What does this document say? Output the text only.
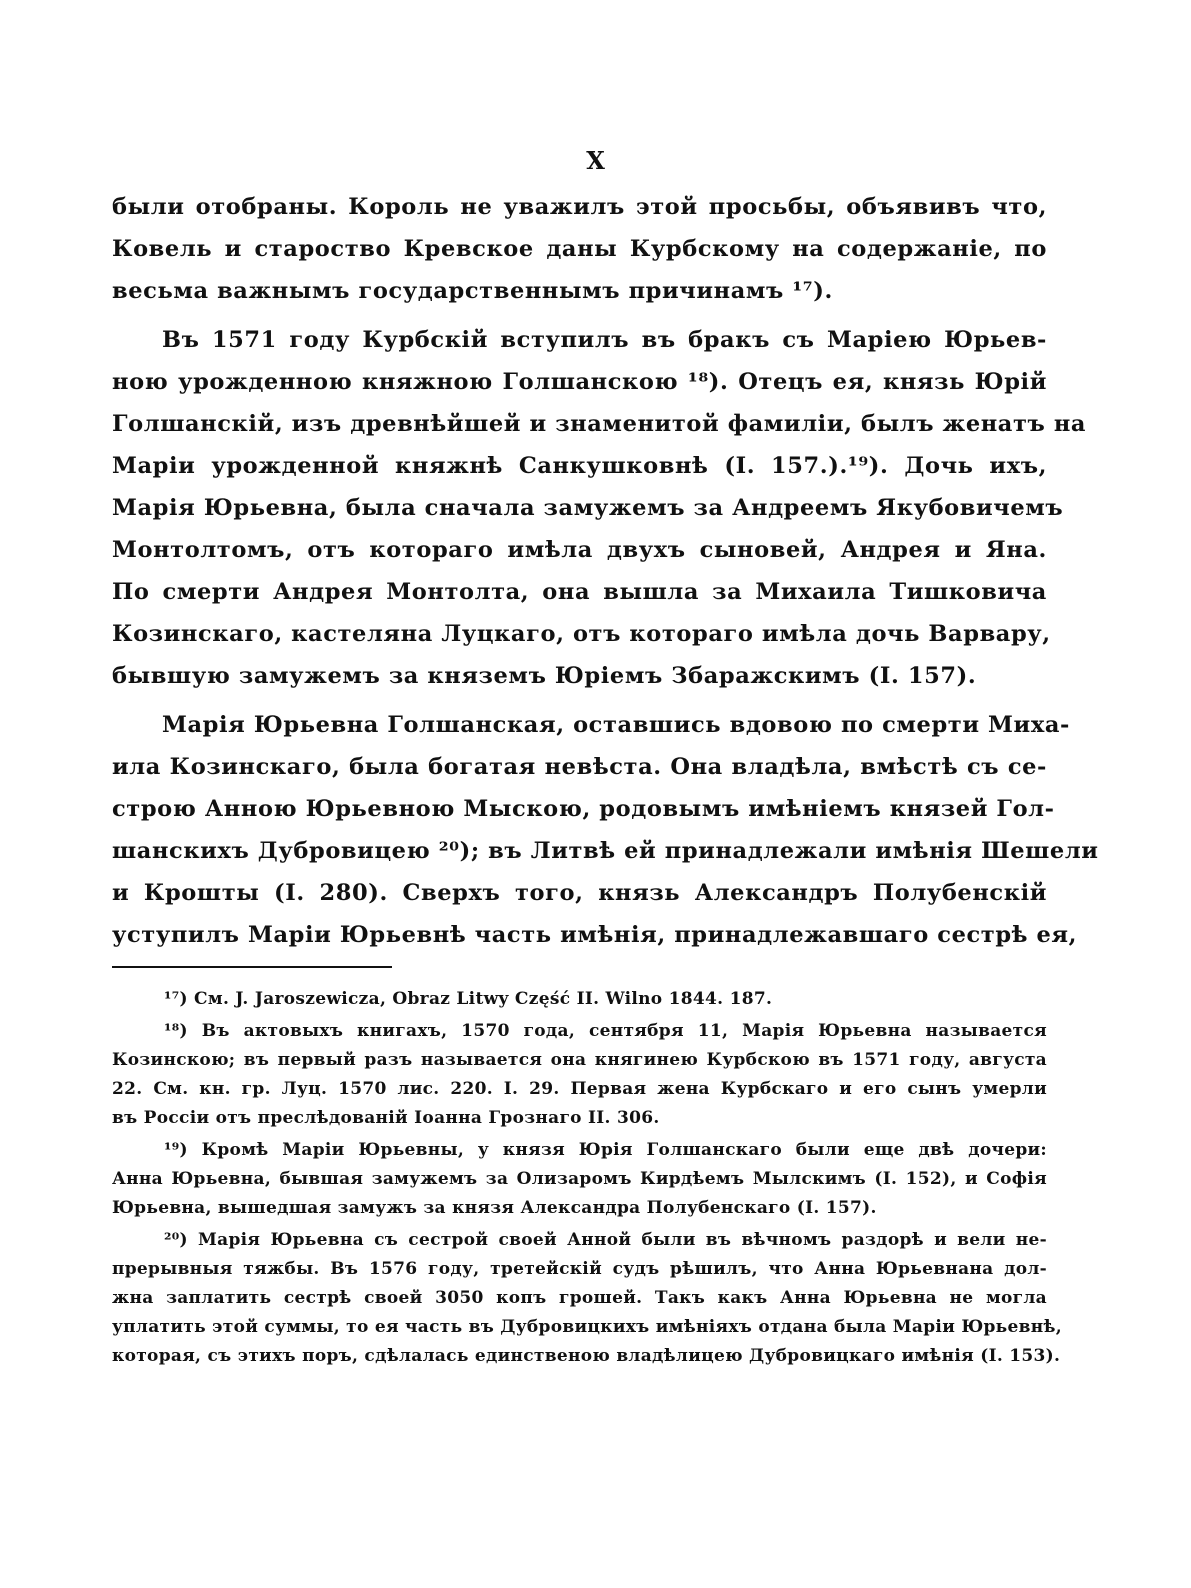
X
были отобраны. Король не уважилъ этой просьбы, объявивъ что,
Ковель и староство Кревское даны Курбскому на содержаніе, по
весьма важнымъ государственнымъ причинамъ ¹⁷).
Въ 1571 году Курбскій вступилъ въ бракъ съ Маріею Юрьев-
ною урожденною княжною Голшанскою ¹⁸). Отецъ ея, князь Юрій
Голшанскій, изъ древнѣйшей и знаменитой фамиліи, былъ женатъ на
Маріи урожденной княжнѣ Санкушковнѣ (I. 157.).¹⁹). Дочь ихъ,
Марія Юрьевна, была сначала замужемъ за Андреемъ Якубовичемъ
Монтолтомъ, отъ котораго имѣла двухъ сыновей, Андрея и Яна.
По смерти Андрея Монтолта, она вышла за Михаила Тишковича
Козинскаго, кастеляна Луцкаго, отъ котораго имѣла дочь Варвару,
бывшую замужемъ за княземъ Юріемъ Збаражскимъ (I. 157).
Марія Юрьевна Голшанская, оставшись вдовою по смерти Миха-
ила Козинскаго, была богатая невѣста. Она владѣла, вмѣстѣ съ се-
строю Анною Юрьевною Мыскою, родовымъ имѣніемъ князей Гол-
шанскихъ Дубровицею ²⁰); въ Литвѣ ей принадлежали имѣнія Шешели
и Крошты (I. 280). Сверхъ того, князь Александръ Полубенскій
уступилъ Маріи Юрьевнѣ часть имѣнія, принадлежавшаго сестрѣ ея,
¹⁷) См. J. Jaroszewicza, Obraz Litwy Część II. Wilno 1844. 187.
¹⁸) Въ актовыхъ книгахъ, 1570 года, сентября 11, Марія Юрьевна называется
Козинскою; въ первый разъ называется она княгинею Курбскою въ 1571 году, августа
22. См. кн. гр. Луц. 1570 лис. 220. I. 29. Первая жена Курбскаго и его сынъ умерли
въ Россіи отъ преслѣдованій Іоанна Грознаго II. 306.
¹⁹) Кромѣ Маріи Юрьевны, у князя Юрія Голшанскаго были еще двѣ дочери:
Анна Юрьевна, бывшая замужемъ за Олизаромъ Кирдѣемъ Мылскимъ (I. 152), и Софія
Юрьевна, вышедшая замужъ за князя Александра Полубенскаго (I. 157).
²⁰) Марія Юрьевна съ сестрой своей Анной были въ вѣчномъ раздорѣ и вели не-
прерывныя тяжбы. Въ 1576 году, третейскій судъ рѣшилъ, что Анна Юрьевнана дол-
жна заплатить сестрѣ своей 3050 копъ грошей. Такъ какъ Анна Юрьевна не могла
уплатить этой суммы, то ея часть въ Дубровицкихъ имѣніяхъ отдана была Маріи Юрьевнѣ,
которая, съ этихъ поръ, сдѣлалась единственою владѣлицею Дубровицкаго имѣнія (I. 153).
